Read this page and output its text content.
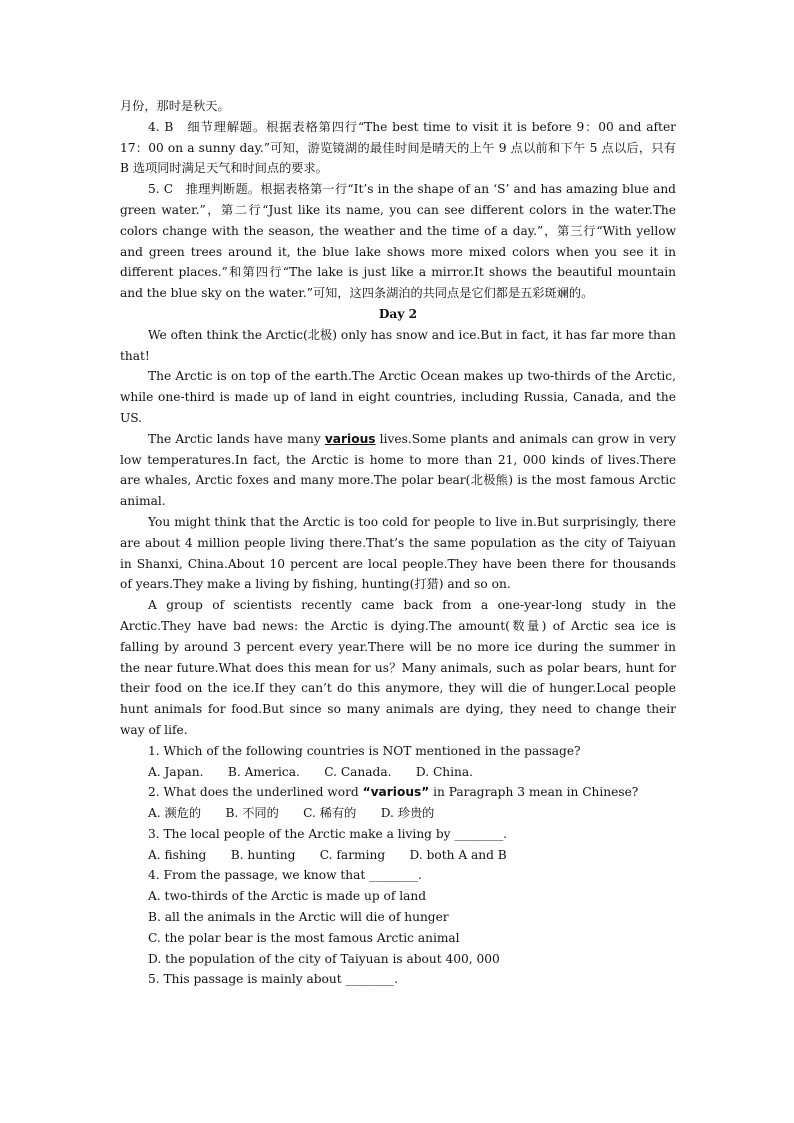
月份，那时是秋天。

4. B　细节理解题。根据表格第四行“The best time to visit it is before 9：00 and after 17：00 on a sunny day.”可知，游览镜湖的最佳时间是晴天的上午 9 点以前和下午 5 点以后，只有 B 选项同时满足天气和时间点的要求。

5. C　推理判断题。根据表格第一行“It’s in the shape of an ‘S’ and has amazing blue and green water.”，第二行“Just like its name, you can see different colors in the water.The colors change with the season, the weather and the time of a day.”，第三行“With yellow and green trees around it, the blue lake shows more mixed colors when you see it in different places.”和第四行“The lake is just like a mirror.It shows the beautiful mountain and the blue sky on the water.”可知，这四条湖泊的共同点是它们都是五彩斑斓的。

Day 2

We often think the Arctic(北极) only has snow and ice.But in fact, it has far more than that!

The Arctic is on top of the earth.The Arctic Ocean makes up two-thirds of the Arctic, while one-third is made up of land in eight countries, including Russia, Canada, and the US.

The Arctic lands have many various lives.Some plants and animals can grow in very low temperatures.In fact, the Arctic is home to more than 21, 000 kinds of lives.There are whales, Arctic foxes and many more.The polar bear(北极熊) is the most famous Arctic animal.

You might think that the Arctic is too cold for people to live in.But surprisingly, there are about 4 million people living there.That’s the same population as the city of Taiyuan in Shanxi, China.About 10 percent are local people.They have been there for thousands of years.They make a living by fishing, hunting(打猎) and so on.

A group of scientists recently came back from a one-year-long study in the Arctic.They have bad news: the Arctic is dying.The amount(数量) of Arctic sea ice is falling by around 3 percent every year.There will be no more ice during the summer in the near future.What does this mean for us？Many animals, such as polar bears, hunt for their food on the ice.If they can’t do this anymore, they will die of hunger.Local people hunt animals for food.But since so many animals are dying, they need to change their way of life.

1. Which of the following countries is NOT mentioned in the passage?

A. Japan.　　B. America.　　C. Canada.　　D. China.

2. What does the underlined word “various” in Paragraph 3 mean in Chinese?

A. 濒危的　　B. 不同的　　C. 稀有的　　D. 珍贵的

3. The local people of the Arctic make a living by ________.

A. fishing　　B. hunting　　C. farming　　D. both A and B

4. From the passage, we know that ________.

A. two-thirds of the Arctic is made up of land

B. all the animals in the Arctic will die of hunger

C. the polar bear is the most famous Arctic animal

D. the population of the city of Taiyuan is about 400, 000

5. This passage is mainly about ________.
